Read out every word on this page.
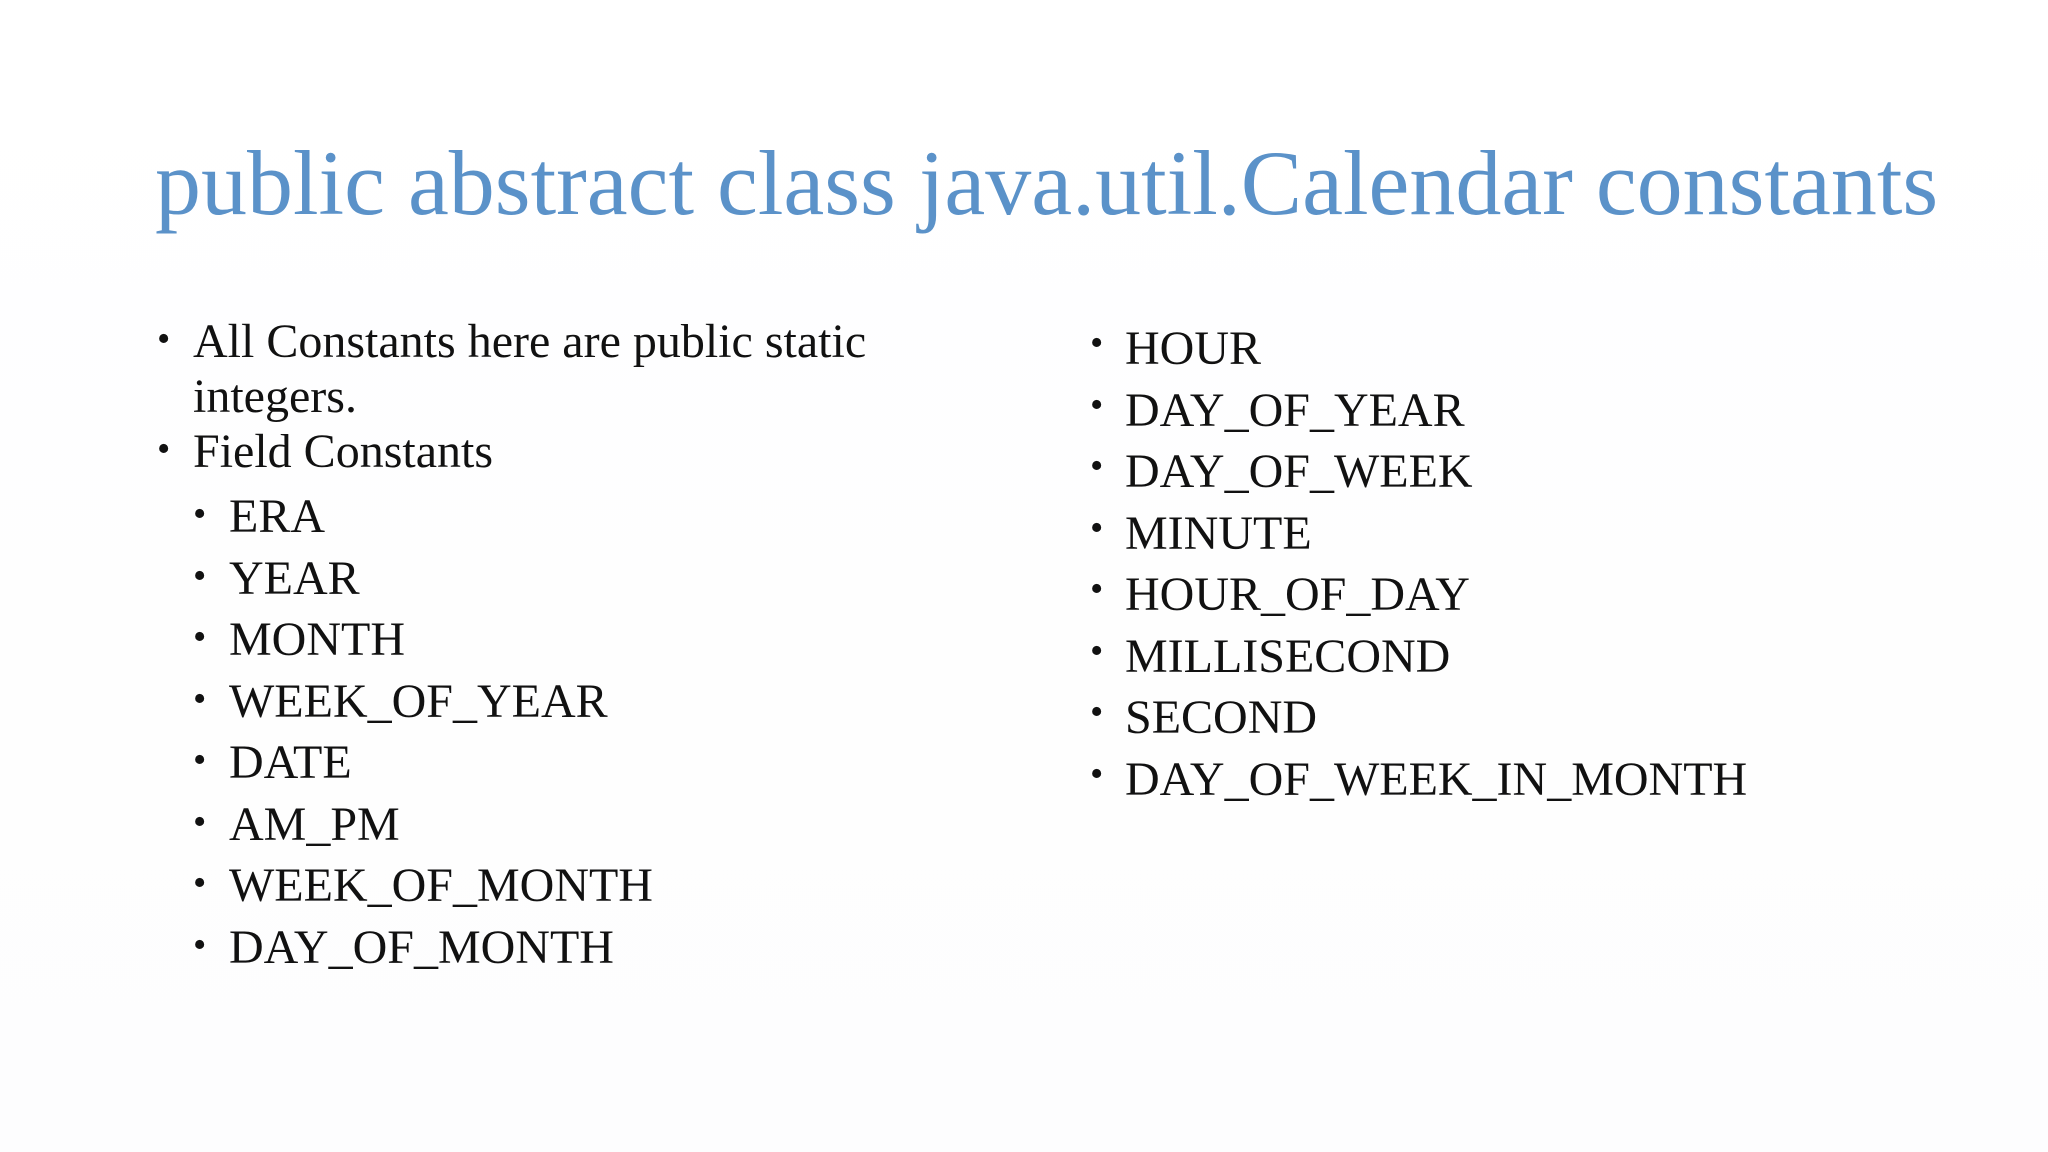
public abstract class java.util.Calendar constants
• All Constants here are public static integers.
• Field Constants
• ERA
• YEAR
• MONTH
• WEEK_OF_YEAR
• DATE
• AM_PM
• WEEK_OF_MONTH
• DAY_OF_MONTH
• HOUR
• DAY_OF_YEAR
• DAY_OF_WEEK
• MINUTE
• HOUR_OF_DAY
• MILLISECOND
• SECOND
• DAY_OF_WEEK_IN_MONTH
